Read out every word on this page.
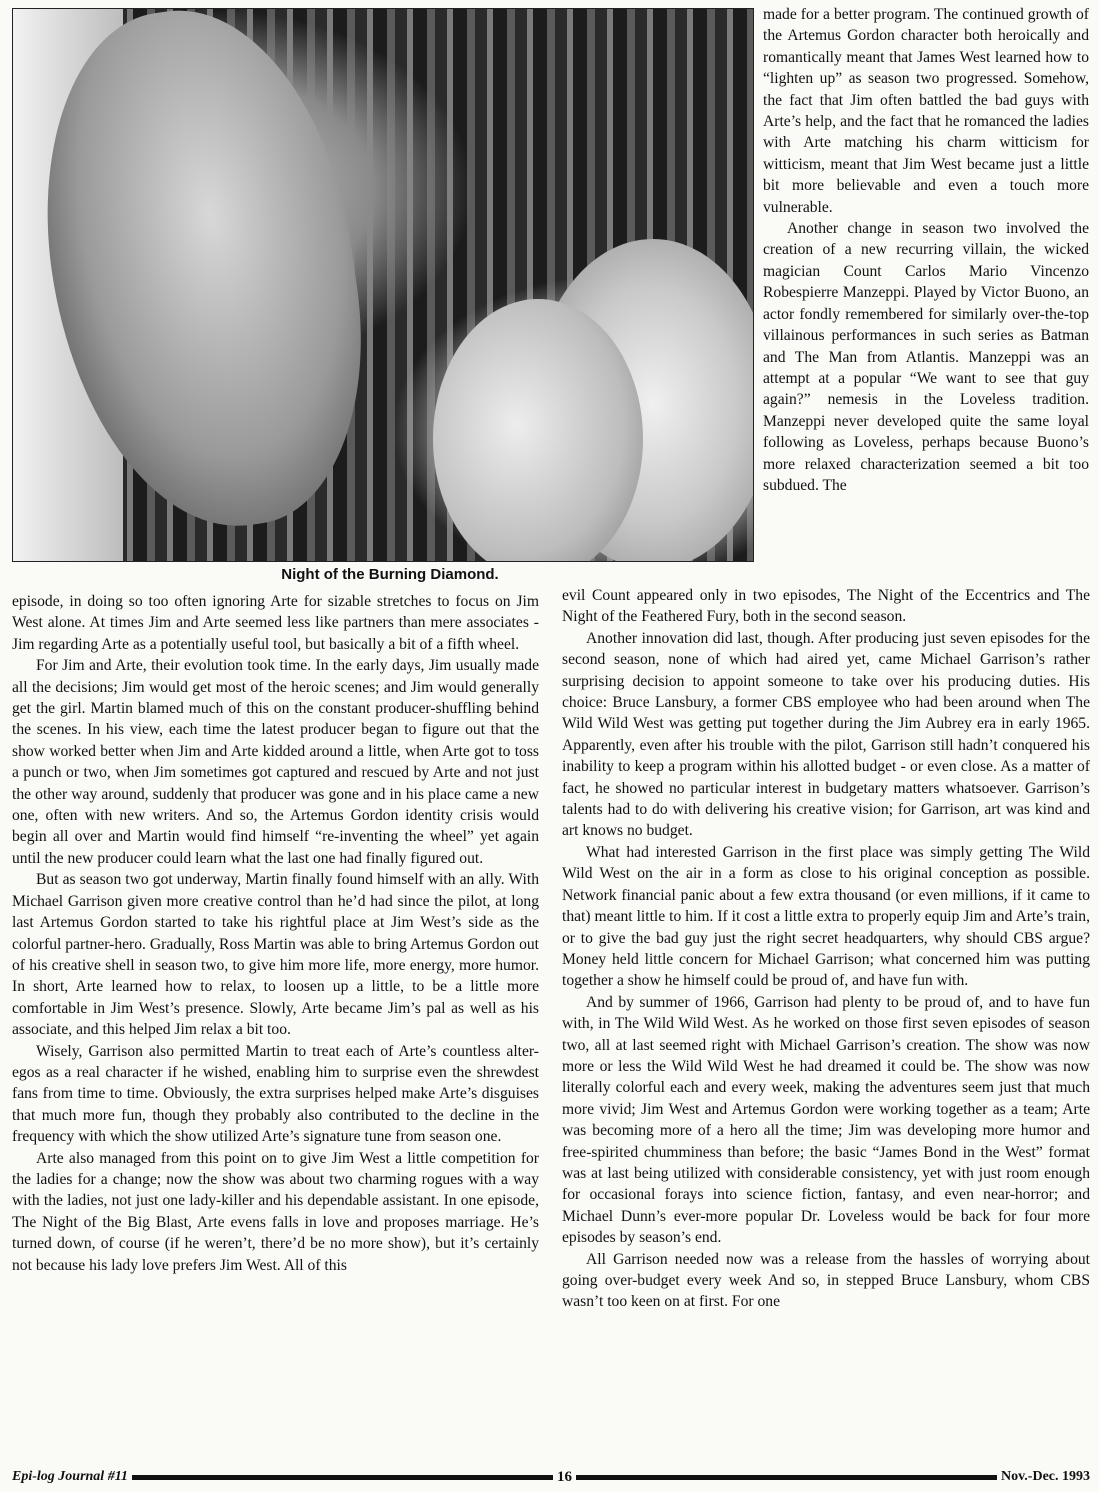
Night of the Burning Diamond.

made for a better program. The continued growth of the Artemus Gordon character both heroically and romantically meant that James West learned how to “lighten up” as season two progressed. Somehow, the fact that Jim often battled the bad guys with Arte’s help, and the fact that he romanced the ladies with Arte matching his charm witticism for witticism, meant that Jim West became just a little bit more believable and even a touch more vulnerable.

Another change in season two involved the creation of a new recurring villain, the wicked magician Count Carlos Mario Vincenzo Robespierre Manzeppi. Played by Victor Buono, an actor fondly remembered for similarly over-the-top villainous performances in such series as Batman and The Man from Atlantis. Manzeppi was an attempt at a popular “We want to see that guy again?” nemesis in the Loveless tradition. Manzeppi never developed quite the same loyal following as Loveless, perhaps because Buono’s more relaxed characterization seemed a bit too subdued. The

episode, in doing so too often ignoring Arte for sizable stretches to focus on Jim West alone. At times Jim and Arte seemed less like partners than mere associates - Jim regarding Arte as a potentially useful tool, but basically a bit of a fifth wheel.

For Jim and Arte, their evolution took time. In the early days, Jim usually made all the decisions; Jim would get most of the heroic scenes; and Jim would generally get the girl. Martin blamed much of this on the constant producer-shuffling behind the scenes. In his view, each time the latest producer began to figure out that the show worked better when Jim and Arte kidded around a little, when Arte got to toss a punch or two, when Jim sometimes got captured and rescued by Arte and not just the other way around, suddenly that producer was gone and in his place came a new one, often with new writers. And so, the Artemus Gordon identity crisis would begin all over and Martin would find himself “re-inventing the wheel” yet again until the new producer could learn what the last one had finally figured out.

But as season two got underway, Martin finally found himself with an ally. With Michael Garrison given more creative control than he’d had since the pilot, at long last Artemus Gordon started to take his rightful place at Jim West’s side as the colorful partner-hero. Gradually, Ross Martin was able to bring Artemus Gordon out of his creative shell in season two, to give him more life, more energy, more humor. In short, Arte learned how to relax, to loosen up a little, to be a little more comfortable in Jim West’s presence. Slowly, Arte became Jim’s pal as well as his associate, and this helped Jim relax a bit too.

Wisely, Garrison also permitted Martin to treat each of Arte’s countless alter-egos as a real character if he wished, enabling him to surprise even the shrewdest fans from time to time. Obviously, the extra surprises helped make Arte’s disguises that much more fun, though they probably also contributed to the decline in the frequency with which the show utilized Arte’s signature tune from season one.

Arte also managed from this point on to give Jim West a little competition for the ladies for a change; now the show was about two charming rogues with a way with the ladies, not just one lady-killer and his dependable assistant. In one episode, The Night of the Big Blast, Arte evens falls in love and proposes marriage. He’s turned down, of course (if he weren’t, there’d be no more show), but it’s certainly not because his lady love prefers Jim West. All of this

evil Count appeared only in two episodes, The Night of the Eccentrics and The Night of the Feathered Fury, both in the second season.

Another innovation did last, though. After producing just seven episodes for the second season, none of which had aired yet, came Michael Garrison’s rather surprising decision to appoint someone to take over his producing duties. His choice: Bruce Lansbury, a former CBS employee who had been around when The Wild Wild West was getting put together during the Jim Aubrey era in early 1965. Apparently, even after his trouble with the pilot, Garrison still hadn’t conquered his inability to keep a program within his allotted budget - or even close. As a matter of fact, he showed no particular interest in budgetary matters whatsoever. Garrison’s talents had to do with delivering his creative vision; for Garrison, art was kind and art knows no budget.

What had interested Garrison in the first place was simply getting The Wild Wild West on the air in a form as close to his original conception as possible. Network financial panic about a few extra thousand (or even millions, if it came to that) meant little to him. If it cost a little extra to properly equip Jim and Arte’s train, or to give the bad guy just the right secret headquarters, why should CBS argue? Money held little concern for Michael Garrison; what concerned him was putting together a show he himself could be proud of, and have fun with.

And by summer of 1966, Garrison had plenty to be proud of, and to have fun with, in The Wild Wild West. As he worked on those first seven episodes of season two, all at last seemed right with Michael Garrison’s creation. The show was now more or less the Wild Wild West he had dreamed it could be. The show was now literally colorful each and every week, making the adventures seem just that much more vivid; Jim West and Artemus Gordon were working together as a team; Arte was becoming more of a hero all the time; Jim was developing more humor and free-spirited chumminess than before; the basic “James Bond in the West” format was at last being utilized with considerable consistency, yet with just room enough for occasional forays into science fiction, fantasy, and even near-horror; and Michael Dunn’s ever-more popular Dr. Loveless would be back for four more episodes by season’s end.

All Garrison needed now was a release from the hassles of worrying about going over-budget every week And so, in stepped Bruce Lansbury, whom CBS wasn’t too keen on at first. For one

Epi-log Journal #11	16	Nov.-Dec. 1993
